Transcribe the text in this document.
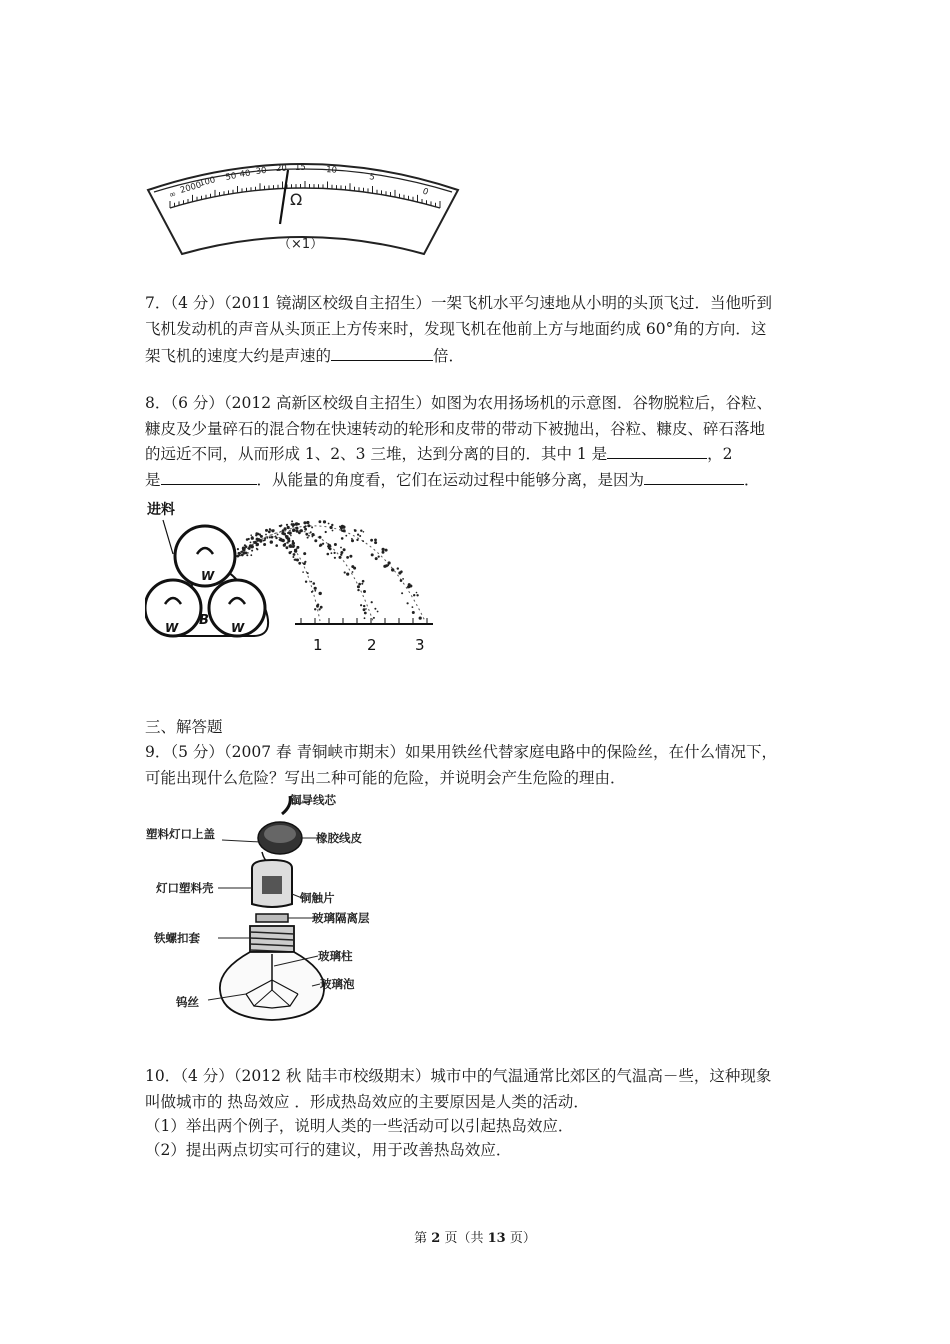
∞ 2000
100 50 40 30 20 15 10
5
0
Ω
（×1）
7．（4 分）（2011 镜湖区校级自主招生）一架飞机水平匀速地从小明的头顶飞过．当他听到
飞机发动机的声音从头顶正上方传来时，发现飞机在他前上方与地面约成 60°角的方向．这
架飞机的速度大约是声速的	倍．
8．（6 分）（2012 高新区校级自主招生）如图为农用扬场机的示意图．谷物脱粒后，谷粒、
糠皮及少量碎石的混合物在快速转动的轮形和皮带的带动下被抛出，谷粒、糠皮、碎石落地
的远近不同，从而形成 1、2、3 三堆，达到分离的目的．其中 1 是	，2
是	．从能量的角度看，它们在运动过程中能够分离，是因为	．
进料
W
W	W
B
1	2	3
三、解答题
9．（5 分）（2007 春 青铜峡市期末）如果用铁丝代替家庭电路中的保险丝，在什么情况下，
可能出现什么危险？写出二种可能的危险，并说明会产生危险的理由．
铜导线芯
塑料灯口上盖	橡胶线皮
灯口塑料壳
铜触片
玻璃隔离层
铁螺扣套
玻璃柱
玻璃泡
钨丝
10．（4 分）（2012 秋 陆丰市校级期末）城市中的气温通常比郊区的气温高－些，这种现象
叫做城市的 热岛效应 ．形成热岛效应的主要原因是人类的活动．
（1）举出两个例子，说明人类的一些活动可以引起热岛效应．
（2）提出两点切实可行的建议，用于改善热岛效应．
第 2 页（共 13 页）
